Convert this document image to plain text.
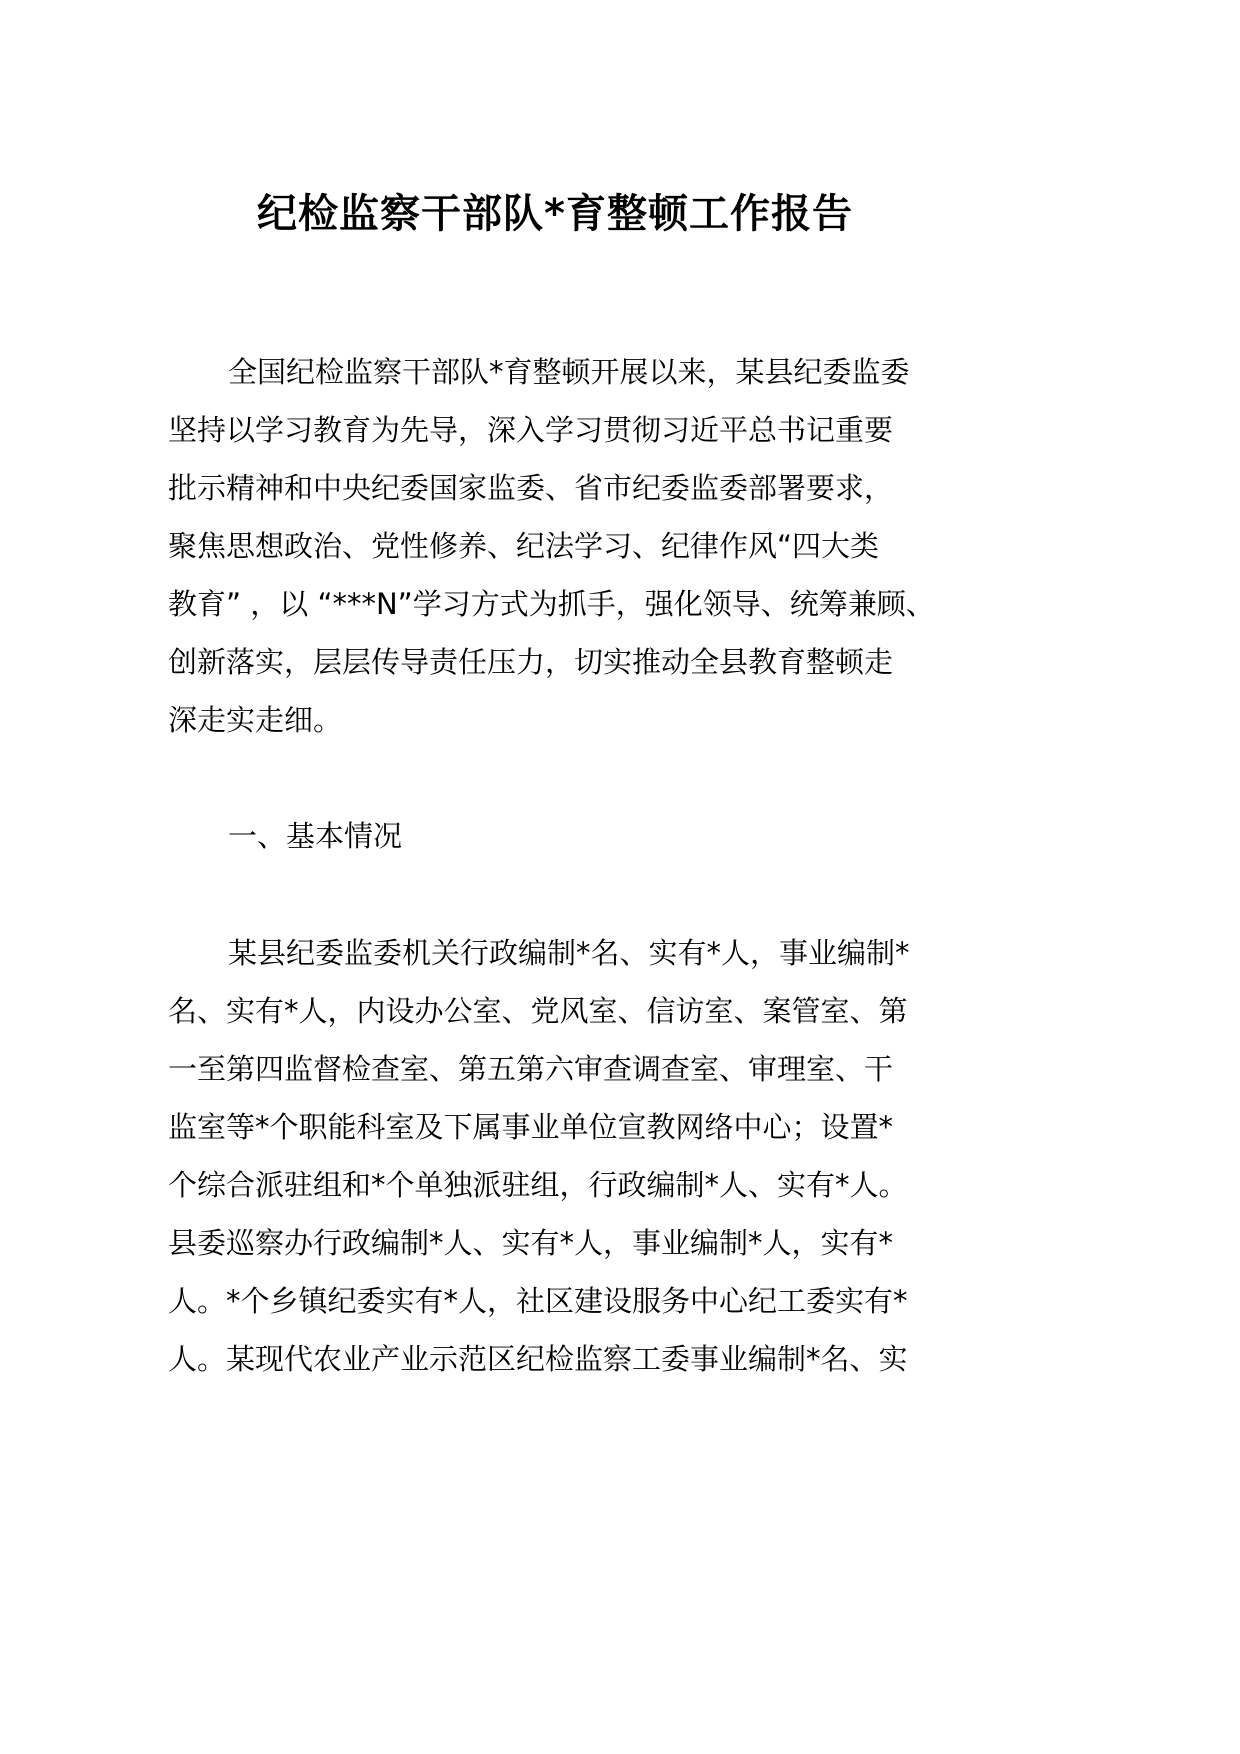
纪检监察干部队*育整顿工作报告
全国纪检监察干部队*育整顿开展以来，某县纪委监委
坚持以学习教育为先导，深入学习贯彻习近平总书记重要
批示精神和中央纪委国家监委、省市纪委监委部署要求，
聚焦思想政治、党性修养、纪法学习、纪律作风“四大类
教育” ，以 “***N”学习方式为抓手，强化领导、统筹兼顾、
创新落实，层层传导责任压力，切实推动全县教育整顿走
深走实走细。
一、基本情况
某县纪委监委机关行政编制*名、实有*人，事业编制*
名、实有*人，内设办公室、党风室、信访室、案管室、第
一至第四监督检查室、第五第六审查调查室、审理室、干
监室等*个职能科室及下属事业单位宣教网络中心；设置*
个综合派驻组和*个单独派驻组，行政编制*人、实有*人。
县委巡察办行政编制*人、实有*人，事业编制*人，实有*
人。*个乡镇纪委实有*人，社区建设服务中心纪工委实有*
人。某现代农业产业示范区纪检监察工委事业编制*名、实
